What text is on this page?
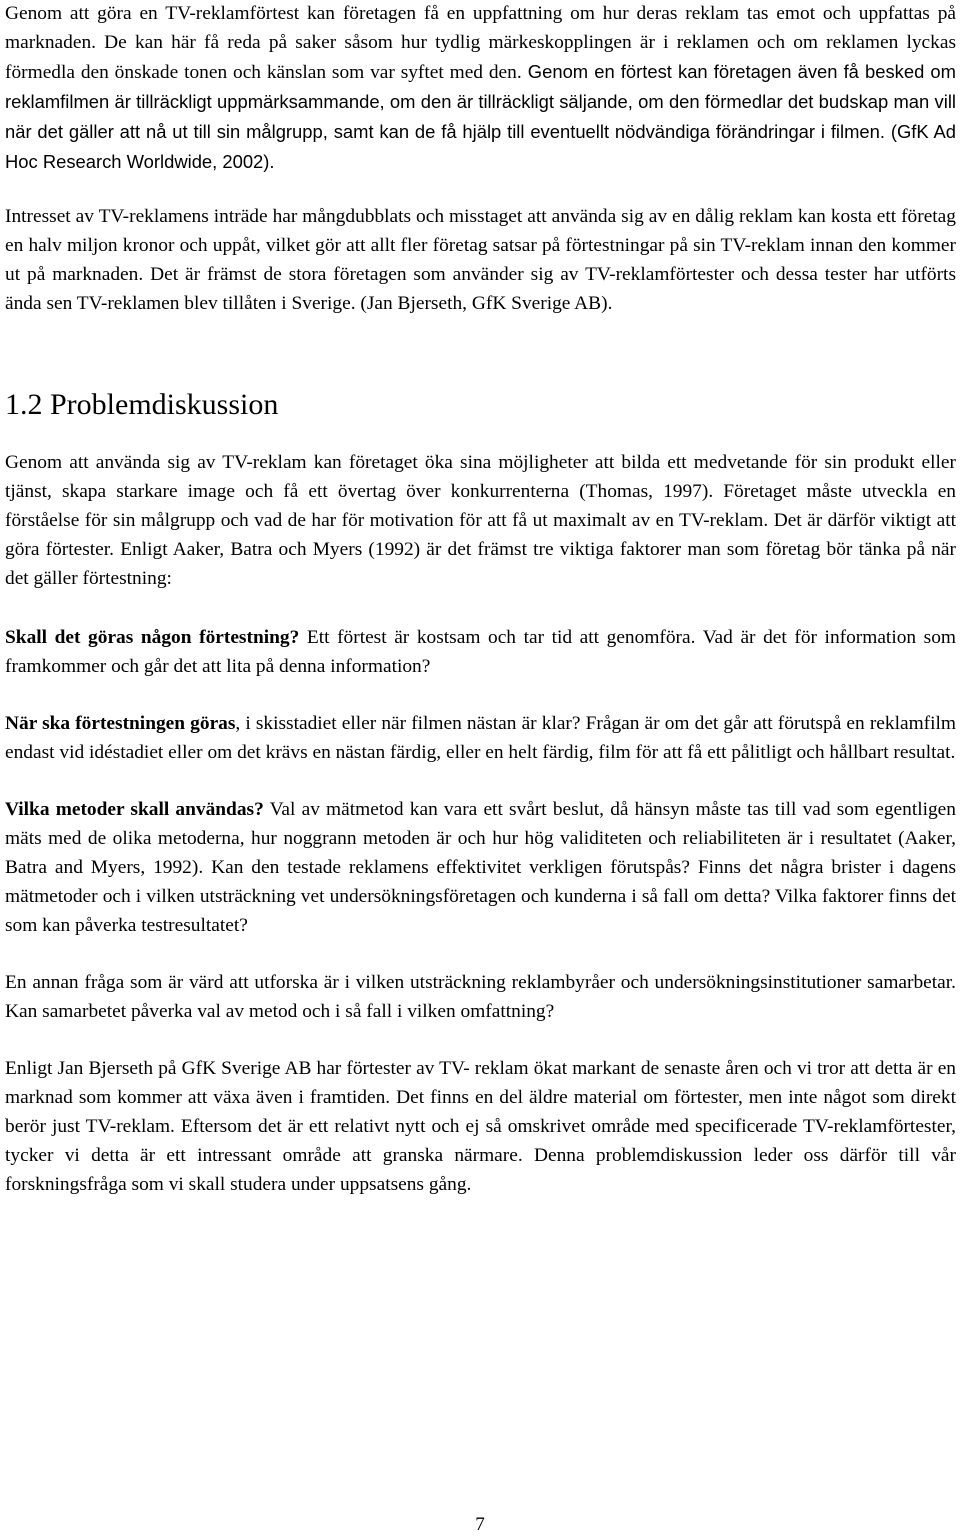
Genom att göra en TV-reklamförtest kan företagen få en uppfattning om hur deras reklam tas emot och uppfattas på marknaden. De kan här få reda på saker såsom hur tydlig märkeskopplingen är i reklamen och om reklamen lyckas förmedla den önskade tonen och känslan som var syftet med den. Genom en förtest kan företagen även få besked om reklamfilmen är tillräckligt uppmärksammande, om den är tillräckligt säljande, om den förmedlar det budskap man vill när det gäller att nå ut till sin målgrupp, samt kan de få hjälp till eventuellt nödvändiga förändringar i filmen. (GfK Ad Hoc Research Worldwide, 2002).

Intresset av TV-reklamens inträde har mångdubblats och misstaget att använda sig av en dålig reklam kan kosta ett företag en halv miljon kronor och uppåt, vilket gör att allt fler företag satsar på förtestningar på sin TV-reklam innan den kommer ut på marknaden. Det är främst de stora företagen som använder sig av TV-reklamförtester och dessa tester har utförts ända sen TV-reklamen blev tillåten i Sverige. (Jan Bjerseth, GfK Sverige AB).

1.2 Problemdiskussion

Genom att använda sig av TV-reklam kan företaget öka sina möjligheter att bilda ett medvetande för sin produkt eller tjänst, skapa starkare image och få ett övertag över konkurrenterna (Thomas, 1997). Företaget måste utveckla en förståelse för sin målgrupp och vad de har för motivation för att få ut maximalt av en TV-reklam. Det är därför viktigt att göra förtester. Enligt Aaker, Batra och Myers (1992) är det främst tre viktiga faktorer man som företag bör tänka på när det gäller förtestning:

Skall det göras någon förtestning? Ett förtest är kostsam och tar tid att genomföra. Vad är det för information som framkommer och går det att lita på denna information?

När ska förtestningen göras, i skisstadiet eller när filmen nästan är klar? Frågan är om det går att förutspå en reklamfilm endast vid idéstadiet eller om det krävs en nästan färdig, eller en helt färdig, film för att få ett pålitligt och hållbart resultat.

Vilka metoder skall användas? Val av mätmetod kan vara ett svårt beslut, då hänsyn måste tas till vad som egentligen mäts med de olika metoderna, hur noggrann metoden är och hur hög validiteten och reliabiliteten är i resultatet (Aaker, Batra and Myers, 1992). Kan den testade reklamens effektivitet verkligen förutspås? Finns det några brister i dagens mätmetoder och i vilken utsträckning vet undersökningsföretagen och kunderna i så fall om detta? Vilka faktorer finns det som kan påverka testresultatet?

En annan fråga som är värd att utforska är i vilken utsträckning reklambyråer och undersökningsinstitutioner samarbetar. Kan samarbetet påverka val av metod och i så fall i vilken omfattning?

Enligt Jan Bjerseth på GfK Sverige AB har förtester av TV- reklam ökat markant de senaste åren och vi tror att detta är en marknad som kommer att växa även i framtiden. Det finns en del äldre material om förtester, men inte något som direkt berör just TV-reklam. Eftersom det är ett relativt nytt och ej så omskrivet område med specificerade TV-reklamförtester, tycker vi detta är ett intressant område att granska närmare. Denna problemdiskussion leder oss därför till vår forskningsfråga som vi skall studera under uppsatsens gång.

7
